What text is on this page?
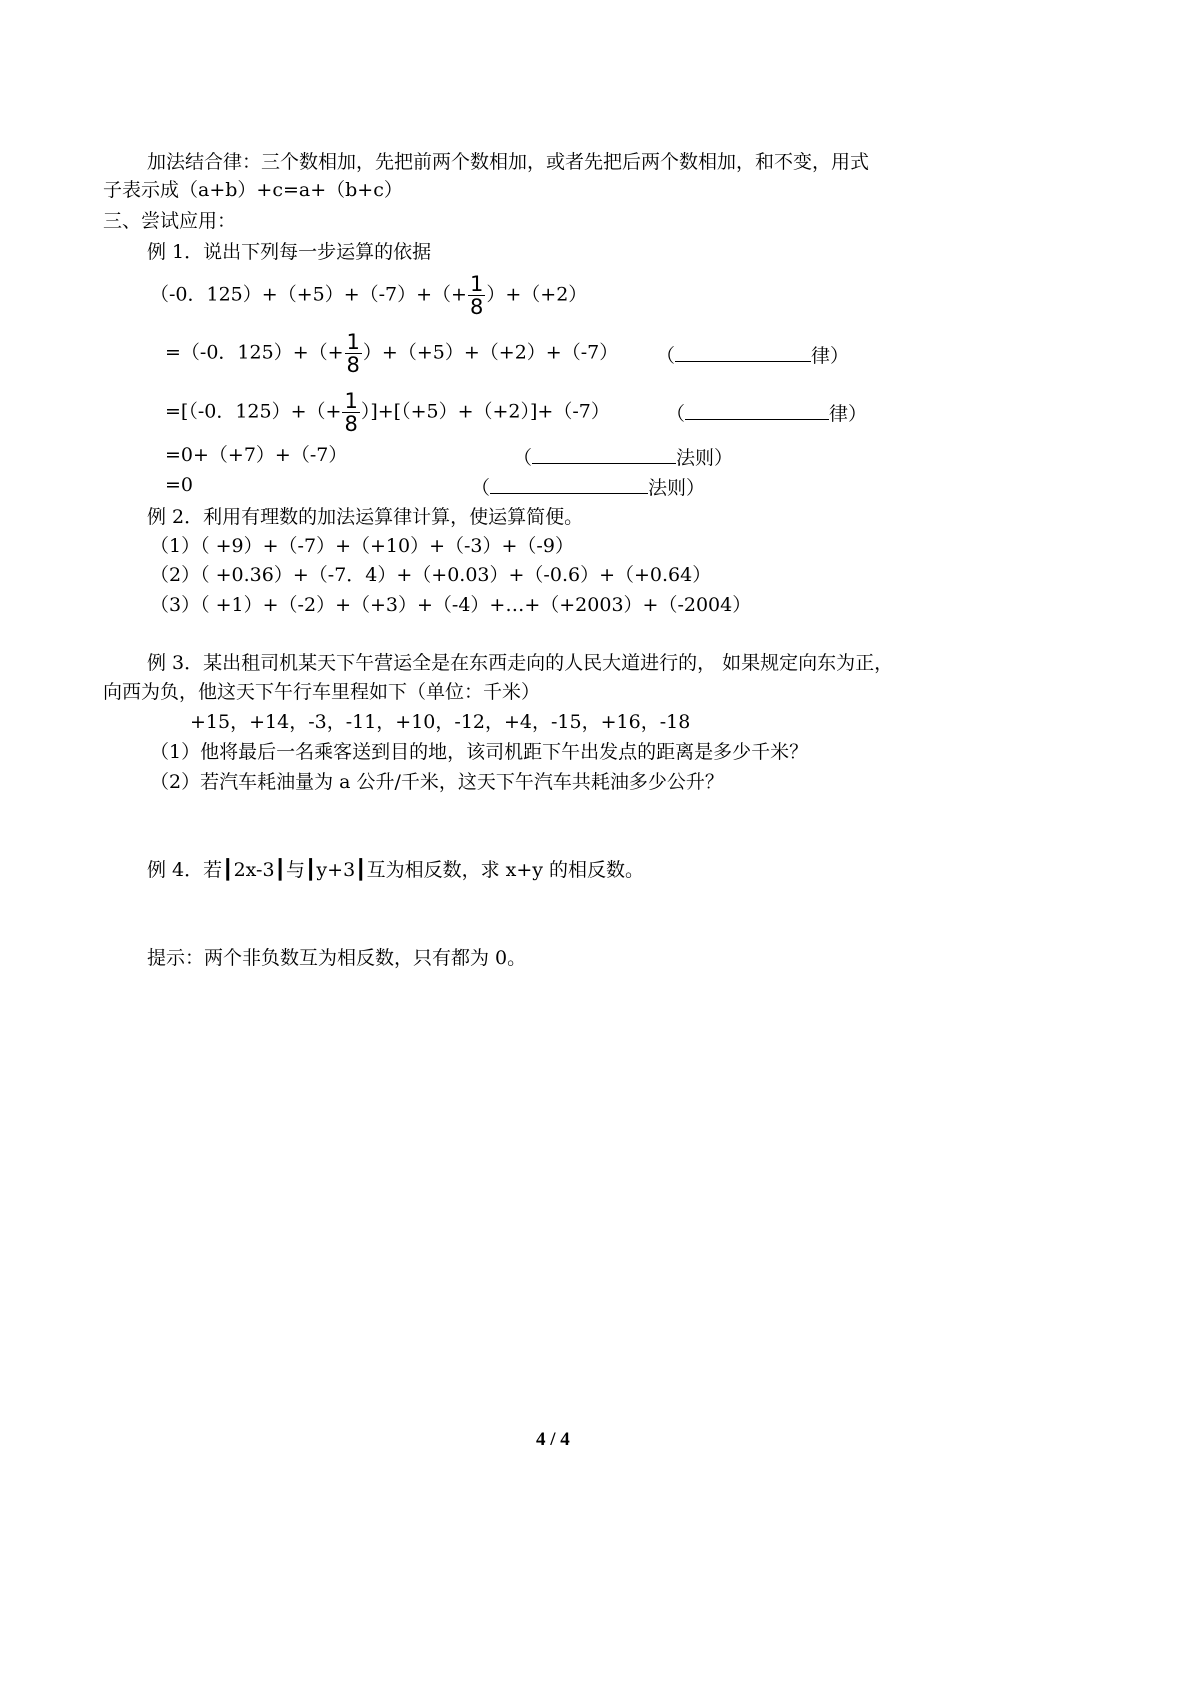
加法结合律：三个数相加，先把前两个数相加，或者先把后两个数相加，和不变，用式
子表示成（a+b）+c=a+（b+c）
三、尝试应用：
例 1．说出下列每一步运算的依据
（-0．$125)+(+5)+(-7)+(+ \frac{1}{8} )+(+2)$
=（-0．$125)+(+ \frac{1}{8} )+(+5)+(+2)+(-7)$ （	律）
=[（-0．$125)+(+ \frac{1}{8} )]+[(+5)+(+2)]+(-7)$	（	律）
=0+（+7）+（-7）	（	法则）
=0	（	法则）
例 2．利用有理数的加法运算律计算，使运算简便。
（1）（ +9）+（-7）+（+10）+（-3）+（-9）
（2）（ +0.36）+（-7．4）+（+0.03）+（-0.6）+（+0.64）
（3）（ +1）+（-2）+（+3）+（-4）+…+（+2003）+（-2004）
例 3．某出租司机某天下午营运全是在东西走向的人民大道进行的， 如果规定向东为正，
向西为负，他这天下午行车里程如下（单位：千米）
+15，+14，-3，-11，+10，-12，+4，-15，+16，-18
（1）他将最后一名乘客送到目的地，该司机距下午出发点的距离是多少千米？
（2）若汽车耗油量为 a 公升/千米，这天下午汽车共耗油多少公升？
例 4．若┃2x-3┃与┃y+3┃互为相反数，求 x+y 的相反数。
提示：两个非负数互为相反数，只有都为 0。
4 / 4
